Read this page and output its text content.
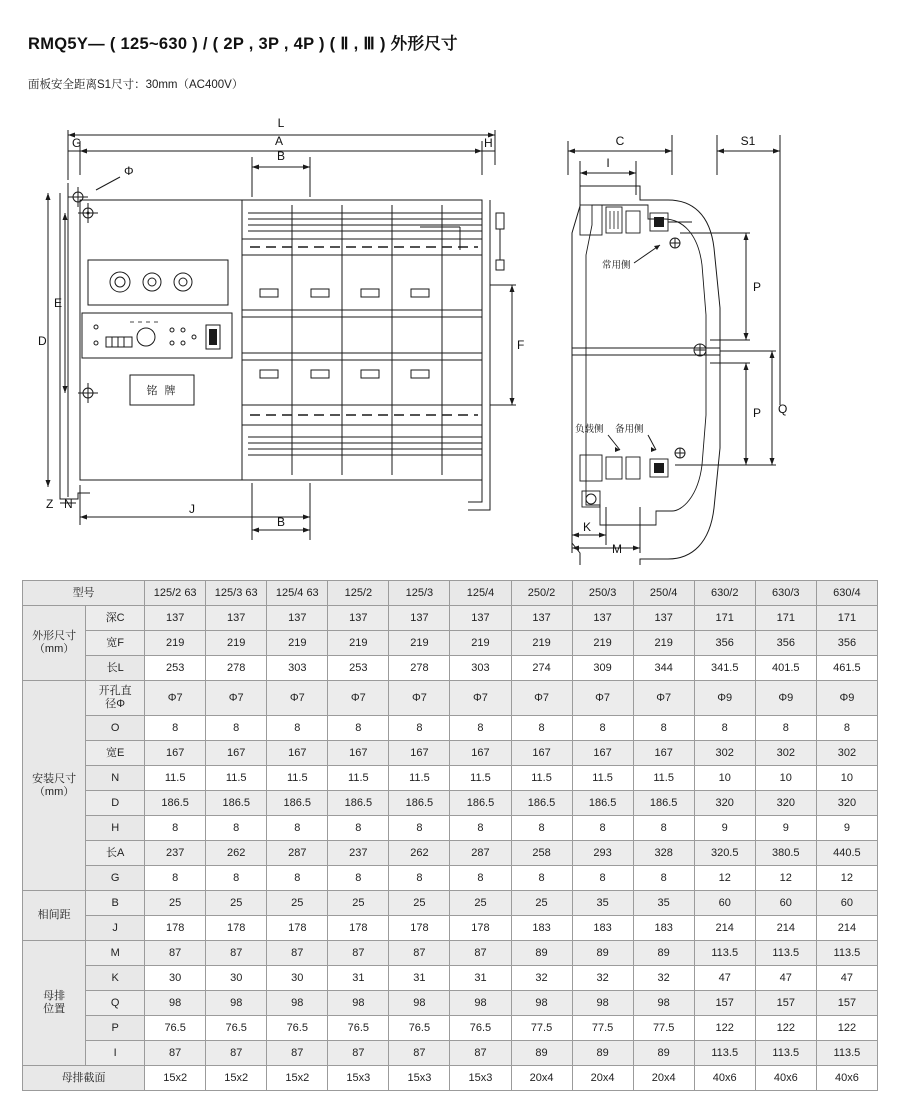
RMQ5Y— ( 125~630 ) / ( 2P , 3P , 4P ) ( Ⅱ , Ⅲ ) 外形尺寸
面板安全距离S1尺寸：30mm（AC400V）
L
A
B
G	H
Φ
D
E
F
N
Z	J
B
C	S1
I
P
P Q
K
M
常用侧
负载侧 备用侧
铭 牌
型号		125/2 63	125/3 63	125/4 63	125/2	125/3	125/4	250/2	250/3	250/4	630/2	630/3	630/4

外形尺寸
（mm）	深C	137	137	137	137	137	137	137	137	137	171	171	171
	宽F	219	219	219	219	219	219	219	219	219	356	356	356
	长L	253	278	303	253	278	303	274	309	344	341.5	401.5	461.5

安装尺寸
（mm）

开孔直
径Φ
	Φ7	Φ7	Φ7	Φ7	Φ7	Φ7	Φ7	Φ7	Φ7	Φ9	Φ9	Φ9
	O	8	8	8	8	8	8	8	8	8	8	8	8
	宽E	167	167	167	167	167	167	167	167	167	302	302	302
	N	11.5	11.5	11.5	11.5	11.5	11.5	11.5	11.5	11.5	10	10	10
	D	186.5	186.5	186.5	186.5	186.5	186.5	186.5	186.5	186.5	320	320	320
	H	8	8	8	8	8	8	8	8	8	9	9	9
	长A	237	262	287	237	262	287	258	293	328	320.5	380.5	440.5
	G	8	8	8	8	8	8	8	8	8	12	12	12

相间距	B	25	25	25	25	25	25	25	35	35	60	60	60
	J	178	178	178	178	178	178	183	183	183	214	214	214

母排
位置	M	87	87	87	87	87	87	89	89	89	113.5	113.5	113.5
	K	30	30	30	31	31	31	32	32	32	47	47	47
	Q	98	98	98	98	98	98	98	98	98	157	157	157
	P	76.5	76.5	76.5	76.5	76.5	76.5	77.5	77.5	77.5	122	122	122
	I	87	87	87	87	87	87	89	89	89	113.5	113.5	113.5
母排截面		15x2	15x2	15x2	15x3	15x3	15x3	20x4	20x4	20x4	40x6	40x6	40x6
